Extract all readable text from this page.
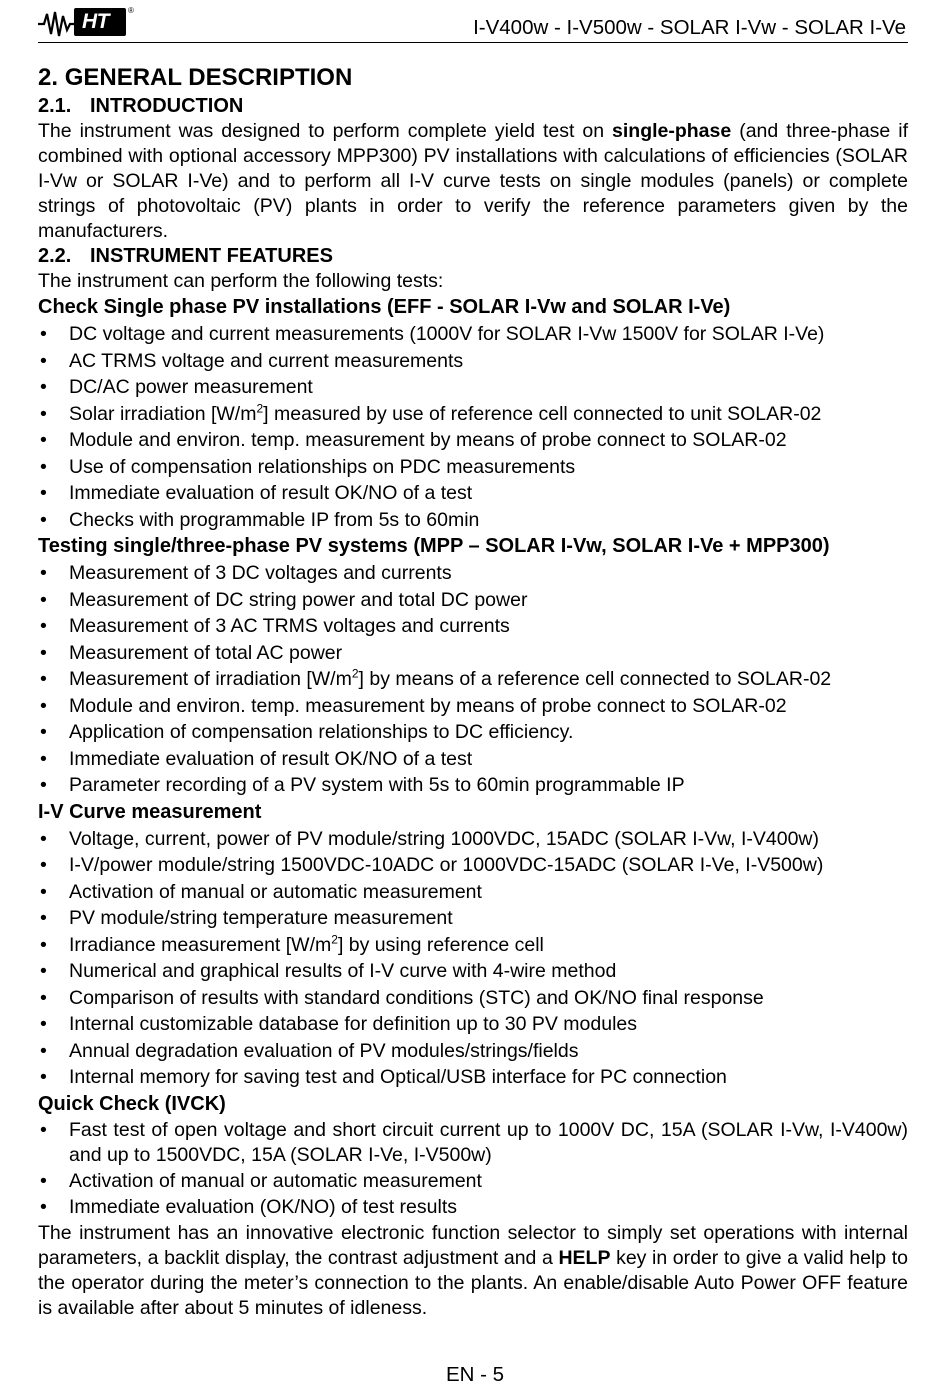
HT ®
I-V400w - I-V500w - SOLAR I-Vw - SOLAR I-Ve

2. GENERAL DESCRIPTION

2.1. INTRODUCTION

The instrument was designed to perform complete yield test on single-phase (and three-phase if combined with optional accessory MPP300) PV installations with calculations of efficiencies (SOLAR I-Vw or SOLAR I-Ve) and to perform all I-V curve tests on single modules (panels) or complete strings of photovoltaic (PV) plants in order to verify the reference parameters given by the manufacturers.

2.2. INSTRUMENT FEATURES

The instrument can perform the following tests:

Check Single phase PV installations (EFF - SOLAR I-Vw and SOLAR I-Ve)

• DC voltage and current measurements (1000V for SOLAR I-Vw 1500V for SOLAR I-Ve)
• AC TRMS voltage and current measurements
• DC/AC power measurement
• Solar irradiation $[W/m^2]$ measured by use of reference cell connected to unit SOLAR-02
• Module and environ. temp. measurement by means of probe connect to SOLAR-02
• Use of compensation relationships on PDC measurements
• Immediate evaluation of result OK/NO of a test
• Checks with programmable IP from 5s to 60min

Testing single/three-phase PV systems (MPP – SOLAR I-Vw, SOLAR I-Ve + MPP300)

• Measurement of 3 DC voltages and currents
• Measurement of DC string power and total DC power
• Measurement of 3 AC TRMS voltages and currents
• Measurement of total AC power
• Measurement of irradiation $[W/m^2]$ by means of a reference cell connected to SOLAR-02
• Module and environ. temp. measurement by means of probe connect to SOLAR-02
• Application of compensation relationships to DC efficiency.
• Immediate evaluation of result OK/NO of a test
• Parameter recording of a PV system with 5s to 60min programmable IP

I-V Curve measurement

• Voltage, current, power of PV module/string 1000VDC, 15ADC (SOLAR I-Vw, I-V400w)
• I-V/power module/string 1500VDC-10ADC or 1000VDC-15ADC (SOLAR I-Ve, I-V500w)
• Activation of manual or automatic measurement
• PV module/string temperature measurement
• Irradiance measurement $[W/m^2]$ by using reference cell
• Numerical and graphical results of I-V curve with 4-wire method
• Comparison of results with standard conditions (STC) and OK/NO final response
• Internal customizable database for definition up to 30 PV modules
• Annual degradation evaluation of PV modules/strings/fields
• Internal memory for saving test and Optical/USB interface for PC connection

Quick Check (IVCK)

• Fast test of open voltage and short circuit current up to 1000V DC, 15A (SOLAR I-Vw, I-V400w) and up to 1500VDC, 15A (SOLAR I-Ve, I-V500w)
• Activation of manual or automatic measurement
• Immediate evaluation (OK/NO) of test results

The instrument has an innovative electronic function selector to simply set operations with internal parameters, a backlit display, the contrast adjustment and a HELP key in order to give a valid help to the operator during the meter’s connection to the plants. An enable/disable Auto Power OFF feature is available after about 5 minutes of idleness.

EN - 5
